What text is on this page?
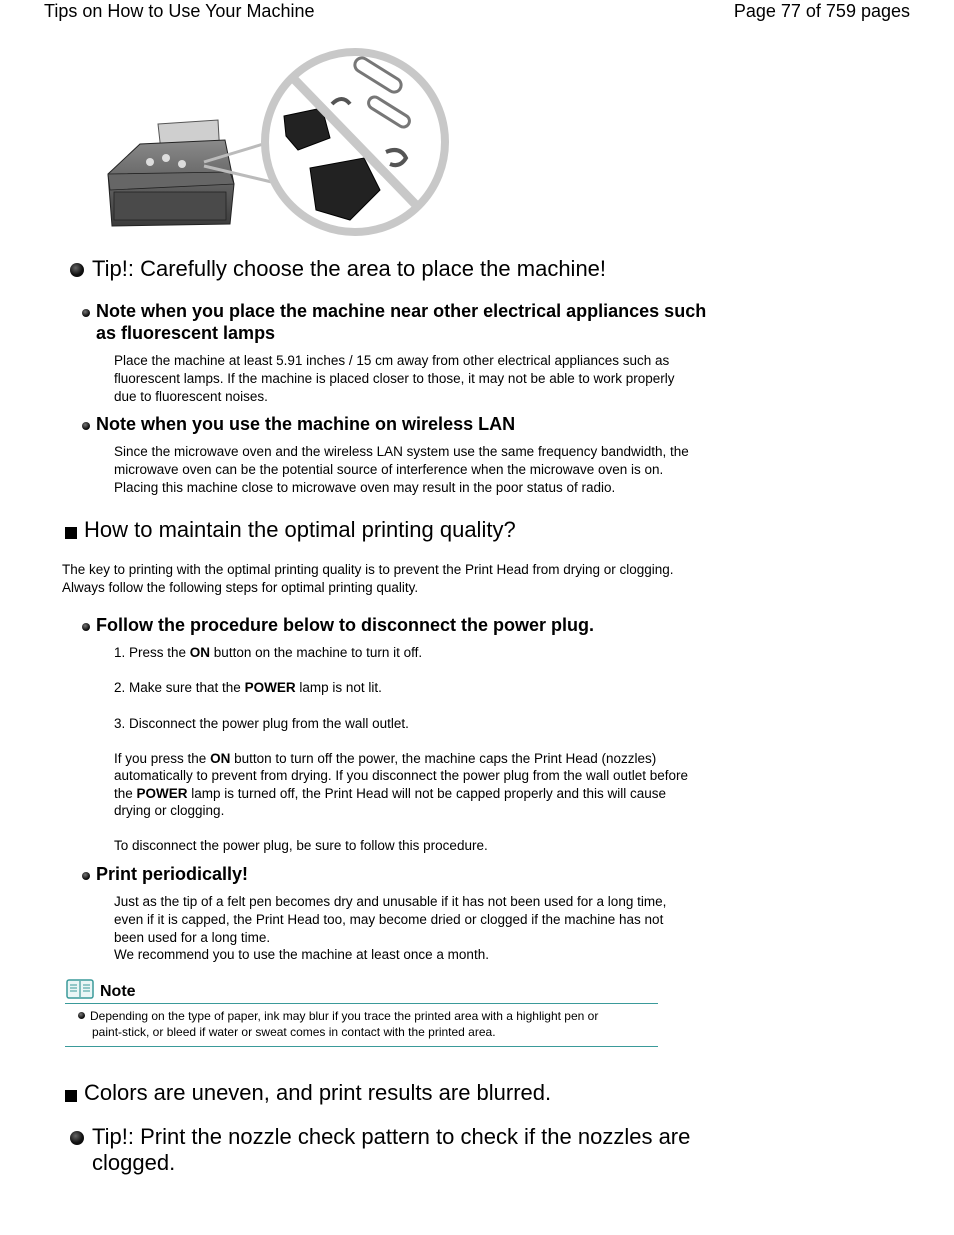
Tips on How to Use Your Machine	Page 77 of 759 pages
Tip!: Carefully choose the area to place the machine!
Note when you place the machine near other electrical appliances such
as fluorescent lamps
Place the machine at least 5.91 inches / 15 cm away from other electrical appliances such as
fluorescent lamps. If the machine is placed closer to those, it may not be able to work properly
due to fluorescent noises.
Note when you use the machine on wireless LAN
Since the microwave oven and the wireless LAN system use the same frequency bandwidth, the
microwave oven can be the potential source of interference when the microwave oven is on.
Placing this machine close to microwave oven may result in the poor status of radio.
How to maintain the optimal printing quality?
The key to printing with the optimal printing quality is to prevent the Print Head from drying or clogging.
Always follow the following steps for optimal printing quality.
Follow the procedure below to disconnect the power plug.
1. Press the ON button on the machine to turn it off.
2. Make sure that the POWER lamp is not lit.
3. Disconnect the power plug from the wall outlet.
If you press the ON button to turn off the power, the machine caps the Print Head (nozzles)
automatically to prevent from drying. If you disconnect the power plug from the wall outlet before
the POWER lamp is turned off, the Print Head will not be capped properly and this will cause
drying or clogging.
To disconnect the power plug, be sure to follow this procedure.
Print periodically!
Just as the tip of a felt pen becomes dry and unusable if it has not been used for a long time,
even if it is capped, the Print Head too, may become dried or clogged if the machine has not
been used for a long time.
We recommend you to use the machine at least once a month.
Note
Depending on the type of paper, ink may blur if you trace the printed area with a highlight pen or
paint-stick, or bleed if water or sweat comes in contact with the printed area.
Colors are uneven, and print results are blurred.
Tip!: Print the nozzle check pattern to check if the nozzles are
clogged.
